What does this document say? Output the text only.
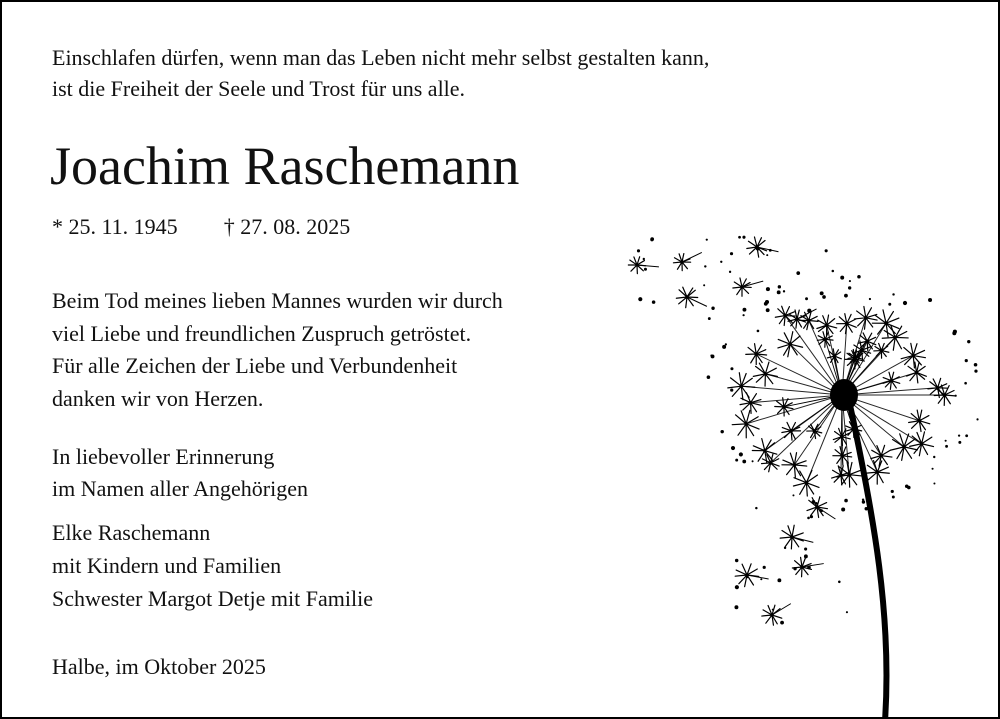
Einschlafen dürfen, wenn man das Leben nicht mehr selbst gestalten kann,
ist die Freiheit der Seele und Trost für uns alle.
Joachim Raschemann
* 25. 11. 1945 † 27. 08. 2025
Beim Tod meines lieben Mannes wurden wir durch
viel Liebe und freundlichen Zuspruch getröstet.
Für alle Zeichen der Liebe und Verbundenheit
danken wir von Herzen.
In liebevoller Erinnerung
im Namen aller Angehörigen
Elke Raschemann
mit Kindern und Familien
Schwester Margot Detje mit Familie
Halbe, im Oktober 2025
